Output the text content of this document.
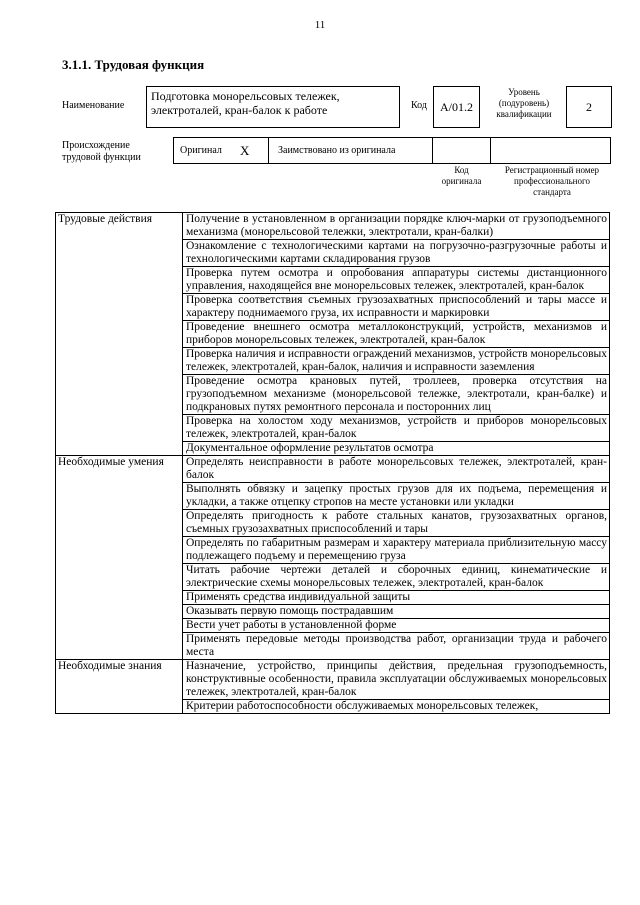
11
3.1.1. Трудовая функция
Наименование
Подготовка монорельсовых тележек, электроталей, кран-балок к работе	Код	А/01.2
Уровень (подуровень) квалификации	2
Происхождение трудовой функции
Оригинал X	Заимствовано из оригинала
Код оригинала
Регистрационный номер профессионального стандарта
Трудовые действия	Получение в установленном в организации порядке ключ-марки от грузоподъемного механизма (монорельсовой тележки, электротали, кран-балки)
	Ознакомление с технологическими картами на погрузочно-разгрузочные работы и технологическими картами складирования грузов
	Проверка путем осмотра и опробования аппаратуры системы дистанционного управления, находящейся вне монорельсовых тележек, электроталей, кран-балок
	Проверка соответствия съемных грузозахватных приспособлений и тары массе и характеру поднимаемого груза, их исправности и маркировки
	Проведение внешнего осмотра металлоконструкций, устройств, механизмов и приборов монорельсовых тележек, электроталей, кран-балок
	Проверка наличия и исправности ограждений механизмов, устройств монорельсовых тележек, электроталей, кран-балок, наличия и исправности заземления
	Проведение осмотра крановых путей, троллеев, проверка отсутствия на грузоподъемном механизме (монорельсовой тележке, электротали, кран-балке) и подкрановых путях ремонтного персонала и посторонних лиц
	Проверка на холостом ходу механизмов, устройств и приборов монорельсовых тележек, электроталей, кран-балок
	Документальное оформление результатов осмотра
Необходимые умения	Определять неисправности в работе монорельсовых тележек, электроталей, кран-балок
	Выполнять обвязку и зацепку простых грузов для их подъема, перемещения и укладки, а также отцепку стропов на месте установки или укладки
	Определять пригодность к работе стальных канатов, грузозахватных органов, съемных грузозахватных приспособлений и тары
	Определять по габаритным размерам и характеру материала приблизительную массу подлежащего подъему и перемещению груза
	Читать рабочие чертежи деталей и сборочных единиц, кинематические и электрические схемы монорельсовых тележек, электроталей, кран-балок
	Применять средства индивидуальной защиты
	Оказывать первую помощь пострадавшим
	Вести учет работы в установленной форме
	Применять передовые методы производства работ, организации труда и рабочего места
Необходимые знания	Назначение, устройство, принципы действия, предельная грузоподъемность, конструктивные особенности, правила эксплуатации обслуживаемых монорельсовых тележек, электроталей, кран-балок
	Критерии работоспособности обслуживаемых монорельсовых тележек,
